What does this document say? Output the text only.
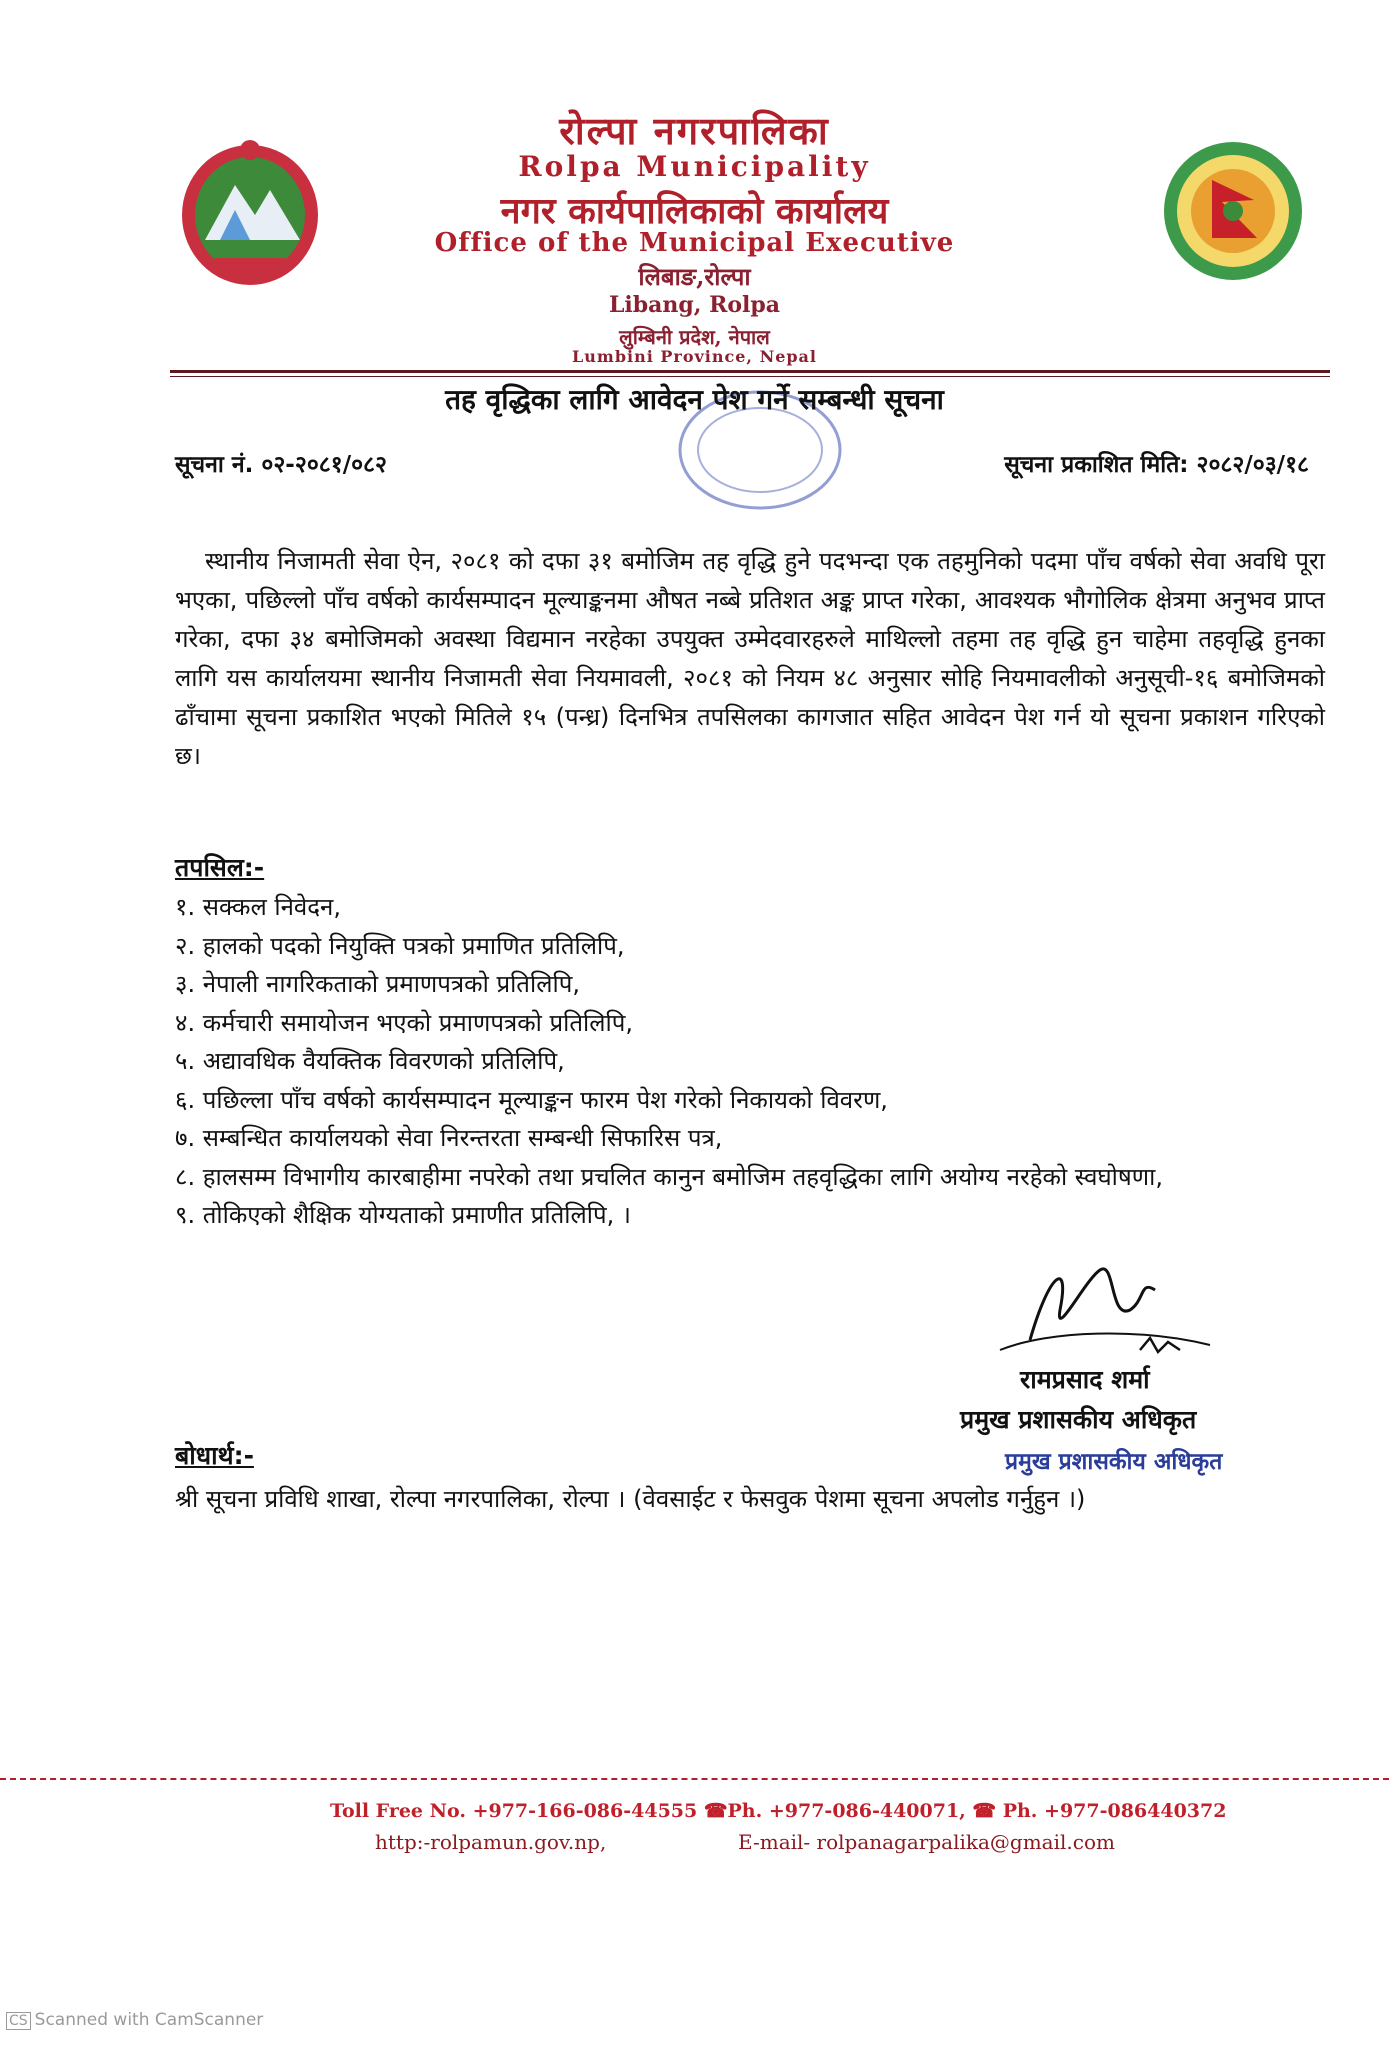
रोल्पा नगरपालिका
Rolpa Municipality
नगर कार्यपालिकाको कार्यालय
Office of the Municipal Executive
लिबाङ,रोल्पा
Libang, Rolpa
लुम्बिनी प्रदेश, नेपाल
Lumbini Province, Nepal
तह वृद्धिका लागि आवेदन पेश गर्ने सम्बन्धी सूचना
सूचना नं. ०२-२०८१/०८२	सूचना प्रकाशित मिति: २०८२/०३/१८
स्थानीय निजामती सेवा ऐन, २०८१ को दफा ३१ बमोजिम तह वृद्धि हुने पदभन्दा एक तहमुनिको पदमा पाँच वर्षको सेवा अवधि पूरा भएका, पछिल्लो पाँच वर्षको कार्यसम्पादन मूल्याङ्कनमा औषत नब्बे प्रतिशत अङ्क प्राप्त गरेका, आवश्यक भौगोलिक क्षेत्रमा अनुभव प्राप्त गरेका, दफा ३४ बमोजिमको अवस्था विद्यमान नरहेका उपयुक्त उम्मेदवारहरुले माथिल्लो तहमा तह वृद्धि हुन चाहेमा तहवृद्धि हुनका लागि यस कार्यालयमा स्थानीय निजामती सेवा नियमावली, २०८१ को नियम ४८ अनुसार सोहि नियमावलीको अनुसूची-१६ बमोजिमको ढाँचामा सूचना प्रकाशित भएको मितिले १५ (पन्ध्र) दिनभित्र तपसिलका कागजात सहित आवेदन पेश गर्न यो सूचना प्रकाशन गरिएको छ।
तपसिल:-
१. सक्कल निवेदन,
२. हालको पदको नियुक्ति पत्रको प्रमाणित प्रतिलिपि,
३. नेपाली नागरिकताको प्रमाणपत्रको प्रतिलिपि,
४. कर्मचारी समायोजन भएको प्रमाणपत्रको प्रतिलिपि,
५. अद्यावधिक वैयक्तिक विवरणको प्रतिलिपि,
६. पछिल्ला पाँच वर्षको कार्यसम्पादन मूल्याङ्कन फारम पेश गरेको निकायको विवरण,
७. सम्बन्धित कार्यालयको सेवा निरन्तरता सम्बन्धी सिफारिस पत्र,
८. हालसम्म विभागीय कारबाहीमा नपरेको तथा प्रचलित कानुन बमोजिम तहवृद्धिका लागि अयोग्य नरहेको स्वघोषणा,
९. तोकिएको शैक्षिक योग्यताको प्रमाणीत प्रतिलिपि, ।
रामप्रसाद शर्मा
प्रमुख प्रशासकीय अधिकृत
प्रमुख प्रशासकीय अधिकृत
बोधार्थ:-
श्री सूचना प्रविधि शाखा, रोल्पा नगरपालिका, रोल्पा । (वेवसाईट र फेसवुक पेशमा सूचना अपलोड गर्नुहुन ।)
Toll Free No. +977-166-086-44555 ☎Ph. +977-086-440071, ☎ Ph. +977-086440372
http:-rolpamun.gov.np,	E-mail- rolpanagarpalika@gmail.com
CS Scanned with CamScanner
